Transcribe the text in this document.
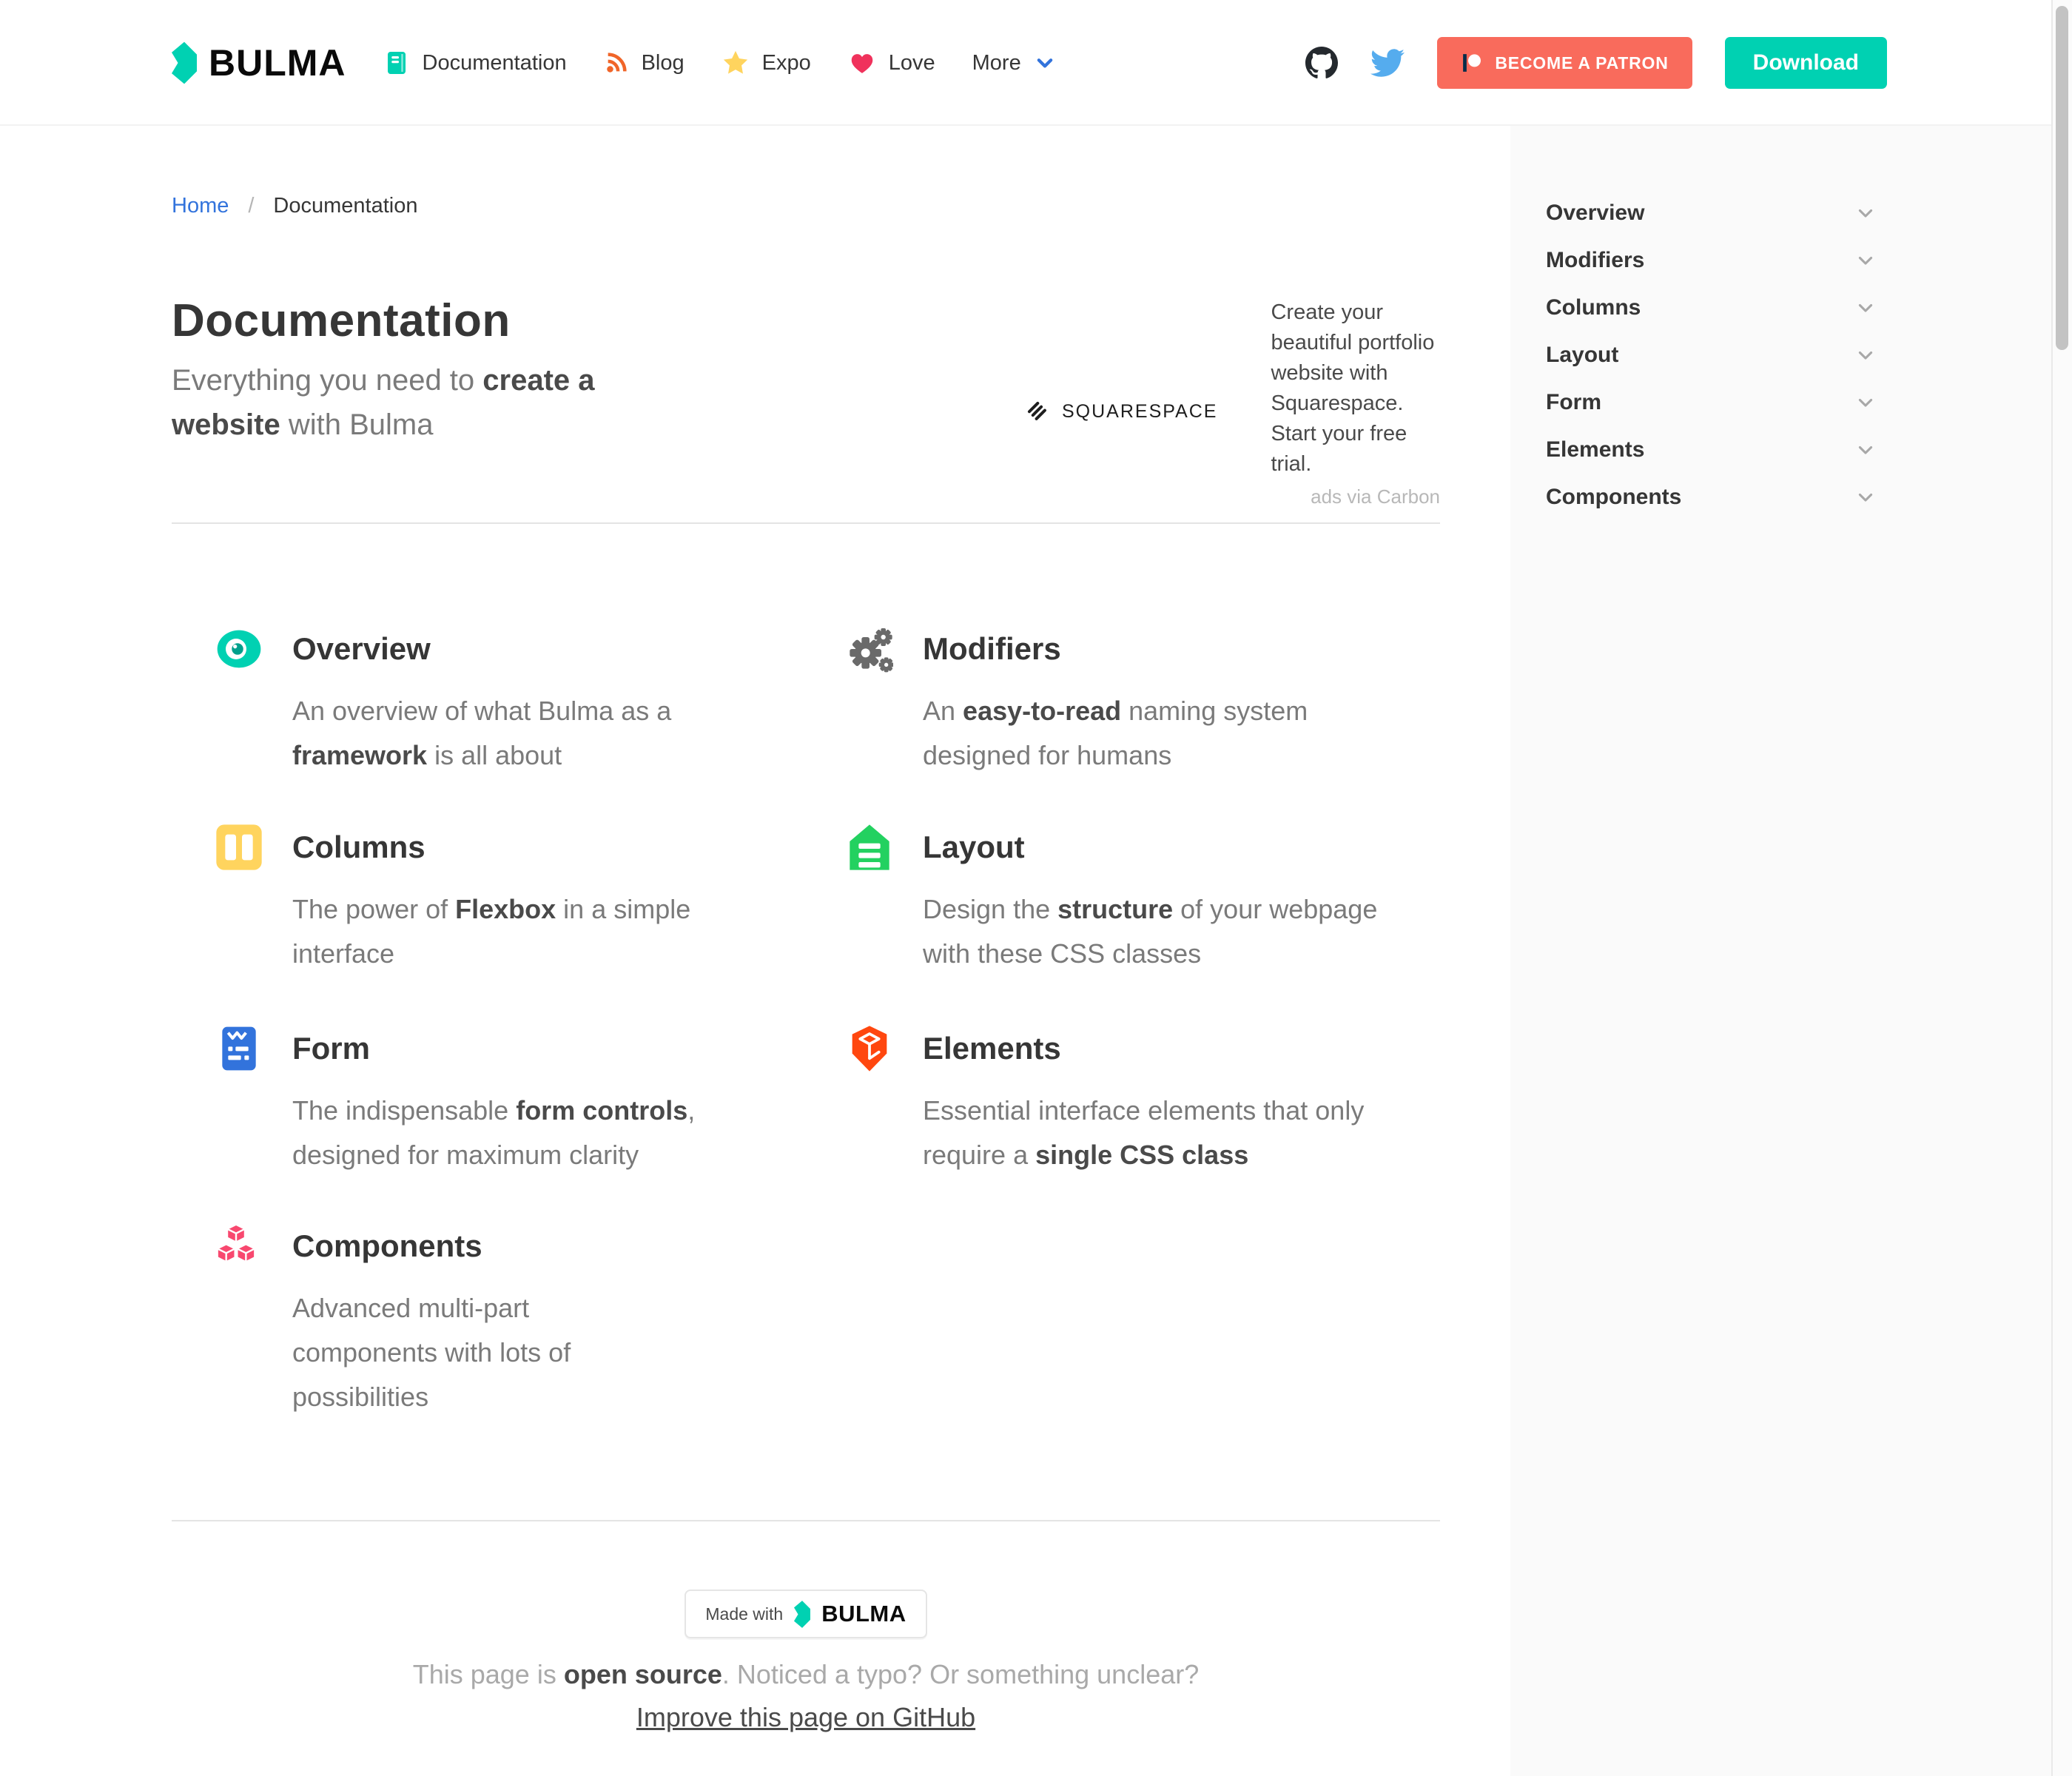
BULMA	Documentation	Blog	Expo	Love More	BECOME A PATRON	Download
Overview
Modifiers
Columns
Layout
Form
Elements
Components
Home / Documentation
Documentation

Everything you need to create a website with Bulma	SQUARESPACE
Create your beautiful portfolio website with Squarespace. Start your free trial.
ads via Carbon
Overview

An overview of what Bulma as a framework is all about

Modifiers

An easy-to-read naming system designed for humans

Columns

The power of Flexbox in a simple interface

Layout

Design the structure of your webpage with these CSS classes

Form

The indispensable form controls, designed for maximum clarity

Elements

Essential interface elements that only require a single CSS class

Components

Advanced multi-part components with lots of possibilities

Made with BULMA
This page is open source. Noticed a typo? Or something unclear?
Improve this page on GitHub
